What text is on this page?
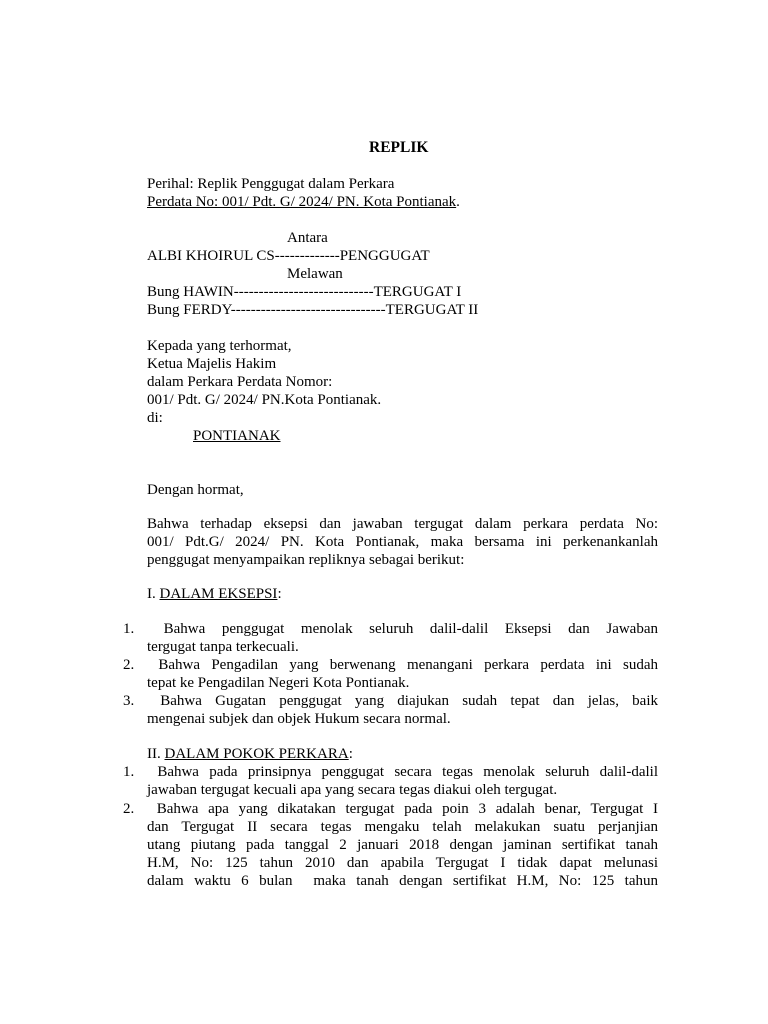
REPLIK
Perihal: Replik Penggugat dalam Perkara
Perdata No: 001/ Pdt. G/ 2024/ PN. Kota Pontianak.
Antara
ALBI KHOIRUL CS-------------PENGGUGAT
Melawan
Bung HAWIN----------------------------TERGUGAT I
Bung FERDY-------------------------------TERGUGAT II
Kepada yang terhormat,
Ketua Majelis Hakim
dalam Perkara Perdata Nomor:
001/ Pdt. G/ 2024/ PN.Kota Pontianak.
di:
PONTIANAK
Dengan hormat,
Bahwa terhadap eksepsi dan jawaban tergugat dalam perkara perdata No:
001/ Pdt.G/ 2024/ PN. Kota Pontianak, maka bersama ini perkenankanlah
penggugat menyampaikan repliknya sebagai berikut:
I. DALAM EKSEPSI:
1. Bahwa penggugat menolak seluruh dalil-dalil Eksepsi dan Jawaban
tergugat tanpa terkecuali.
2. Bahwa Pengadilan yang berwenang menangani perkara perdata ini sudah
tepat ke Pengadilan Negeri Kota Pontianak.
3. Bahwa Gugatan penggugat yang diajukan sudah tepat dan jelas, baik
mengenai subjek dan objek Hukum secara normal.
II. DALAM POKOK PERKARA:
1. Bahwa pada prinsipnya penggugat secara tegas menolak seluruh dalil-dalil
jawaban tergugat kecuali apa yang secara tegas diakui oleh tergugat.
2. Bahwa apa yang dikatakan tergugat pada poin 3 adalah benar, Tergugat I
dan Tergugat II secara tegas mengaku telah melakukan suatu perjanjian
utang piutang pada tanggal 2 januari 2018 dengan jaminan sertifikat tanah
H.M, No: 125 tahun 2010 dan apabila Tergugat I tidak dapat melunasi
dalam waktu 6 bulan  maka tanah dengan sertifikat H.M, No: 125 tahun
